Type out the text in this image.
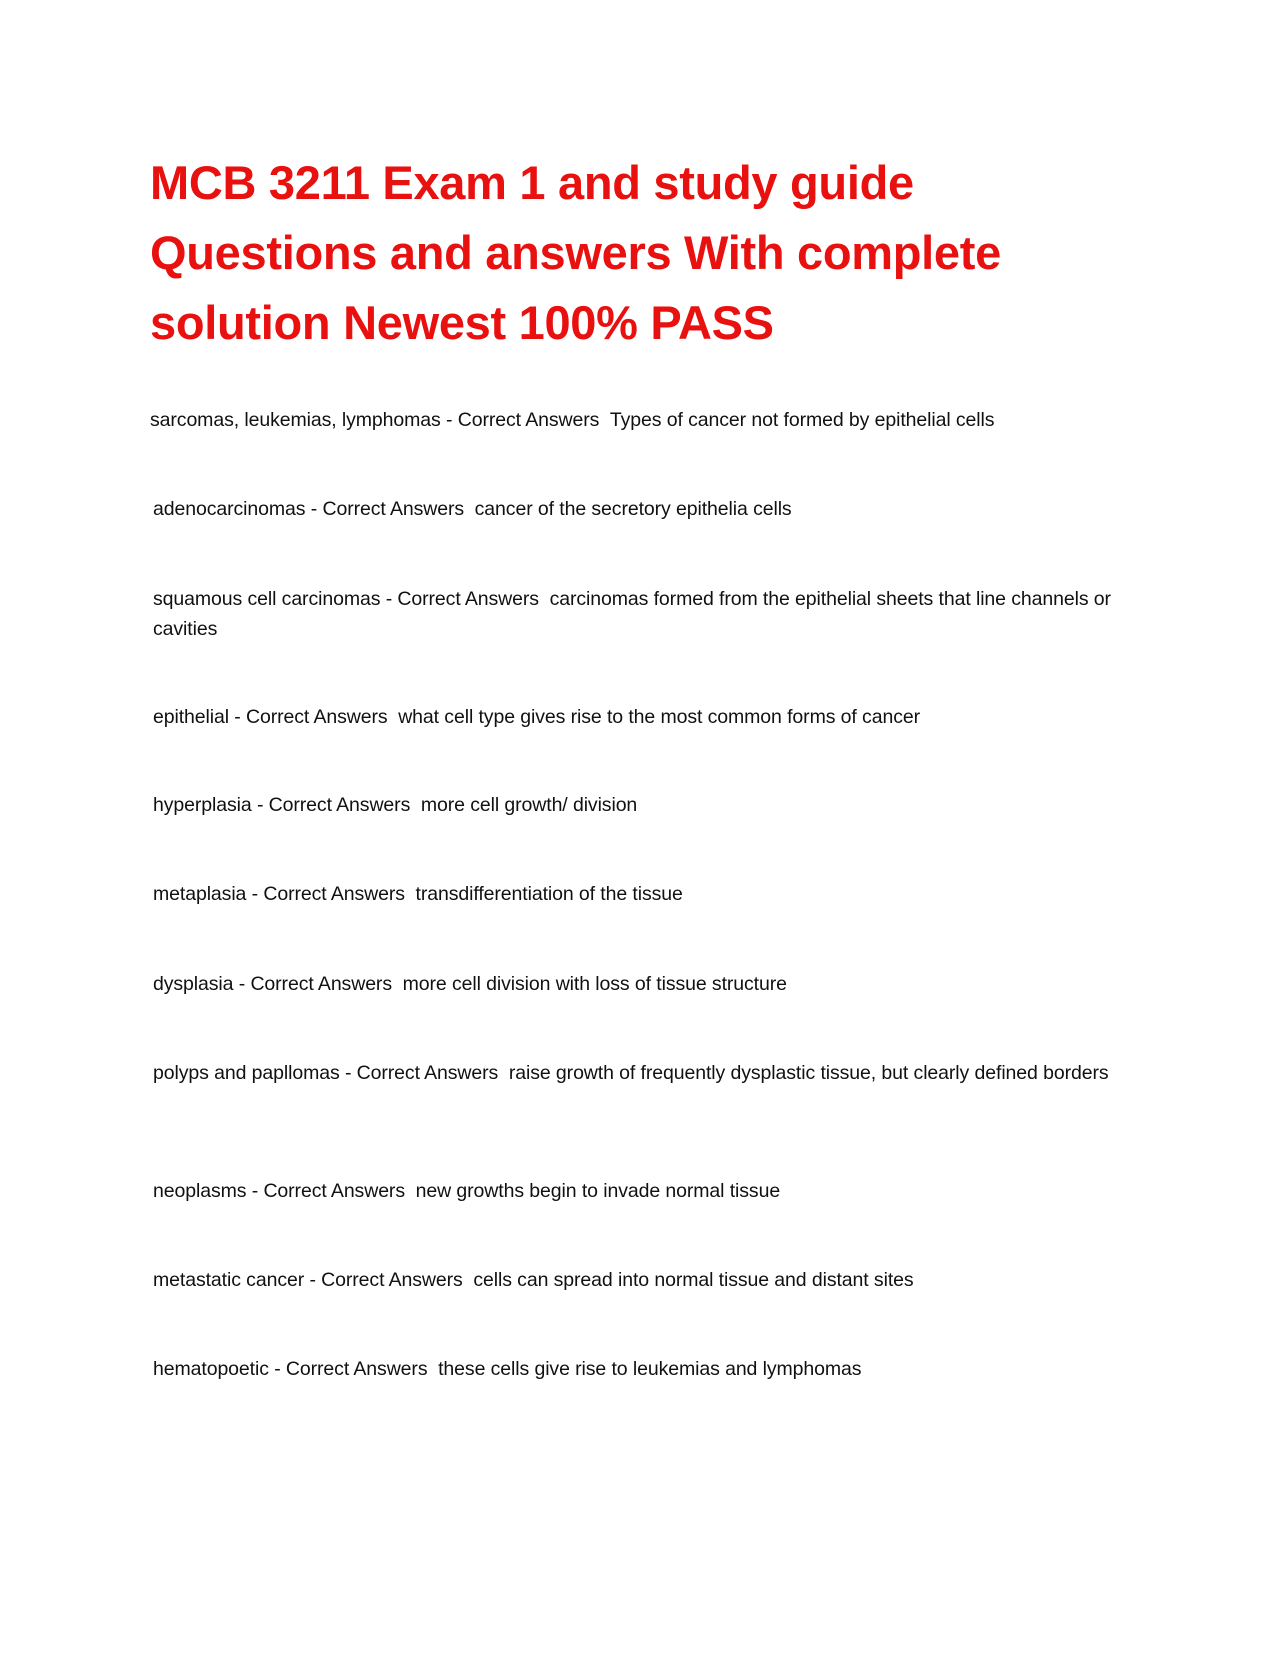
MCB 3211 Exam 1 and study guide
Questions and answers With complete
solution Newest 100% PASS

sarcomas, leukemias, lymphomas - Correct Answers Types of cancer not formed by epithelial cells

adenocarcinomas - Correct Answers cancer of the secretory epithelia cells

squamous cell carcinomas - Correct Answers carcinomas formed from the epithelial sheets that line channels or cavities

epithelial - Correct Answers what cell type gives rise to the most common forms of cancer

hyperplasia - Correct Answers more cell growth/ division

metaplasia - Correct Answers transdifferentiation of the tissue

dysplasia - Correct Answers more cell division with loss of tissue structure

polyps and papllomas - Correct Answers raise growth of frequently dysplastic tissue, but clearly defined borders

neoplasms - Correct Answers new growths begin to invade normal tissue

metastatic cancer - Correct Answers cells can spread into normal tissue and distant sites

hematopoetic - Correct Answers these cells give rise to leukemias and lymphomas
